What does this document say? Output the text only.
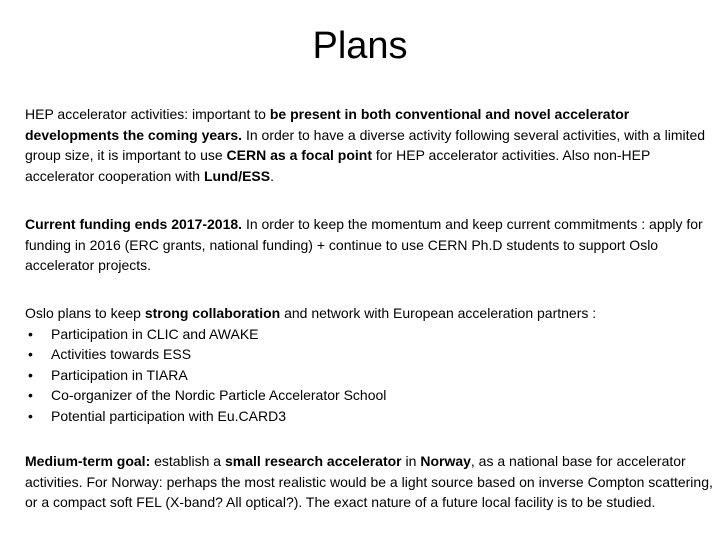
Plans

HEP accelerator activities: important to be present in both conventional and novel accelerator developments the coming years. In order to have a diverse activity following several activities, with a limited group size, it is important to use CERN as a focal point for HEP accelerator activities. Also non-HEP accelerator cooperation with Lund/ESS.

Current funding ends 2017-2018. In order to keep the momentum and keep current commitments : apply for funding in 2016 (ERC grants, national funding) + continue to use CERN Ph.D students to support Oslo accelerator projects.

Oslo plans to keep strong collaboration and network with European acceleration partners :
• Participation in CLIC and AWAKE
• Activities towards ESS
• Participation in TIARA
• Co-organizer of the Nordic Particle Accelerator School
• Potential participation with Eu.CARD3

Medium-term goal: establish a small research accelerator in Norway, as a national base for accelerator activities. For Norway: perhaps the most realistic would be a light source based on inverse Compton scattering, or a compact soft FEL (X-band? All optical?). The exact nature of a future local facility is to be studied.
